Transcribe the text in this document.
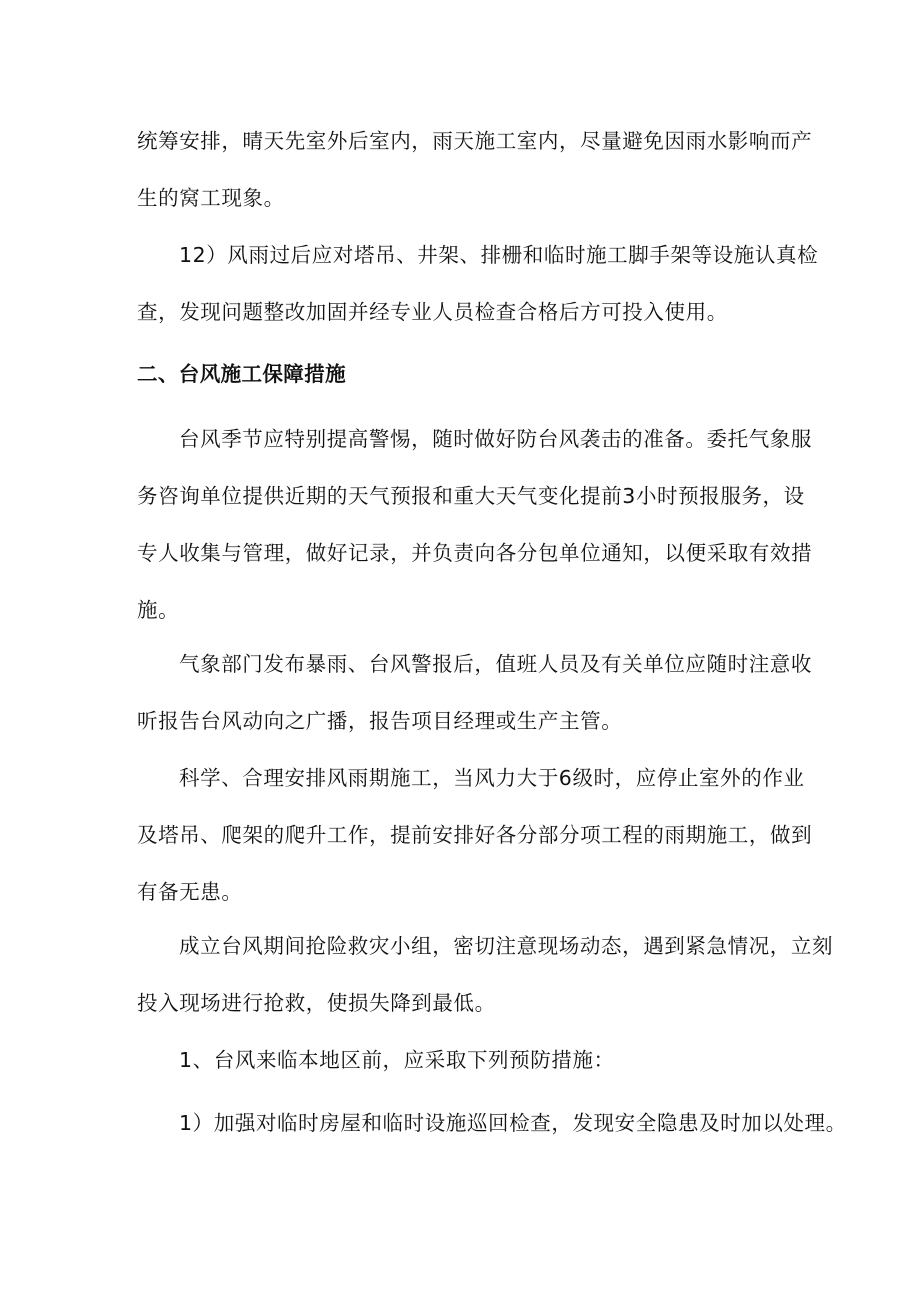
统筹安排，晴天先室外后室内，雨天施工室内，尽量避免因雨水影响而产
生的窝工现象。
12）风雨过后应对塔吊、井架、排栅和临时施工脚手架等设施认真检
查，发现问题整改加固并经专业人员检查合格后方可投入使用。
二、台风施工保障措施
台风季节应特别提高警惕，随时做好防台风袭击的准备。委托气象服
务咨询单位提供近期的天气预报和重大天气变化提前3小时预报服务，设
专人收集与管理，做好记录，并负责向各分包单位通知，以便采取有效措
施。
气象部门发布暴雨、台风警报后，值班人员及有关单位应随时注意收
听报告台风动向之广播，报告项目经理或生产主管。
科学、合理安排风雨期施工，当风力大于6级时，应停止室外的作业
及塔吊、爬架的爬升工作，提前安排好各分部分项工程的雨期施工，做到
有备无患。
成立台风期间抢险救灾小组，密切注意现场动态，遇到紧急情况，立刻
投入现场进行抢救，使损失降到最低。
1、台风来临本地区前，应采取下列预防措施：
1）加强对临时房屋和临时设施巡回检查，发现安全隐患及时加以处理。
